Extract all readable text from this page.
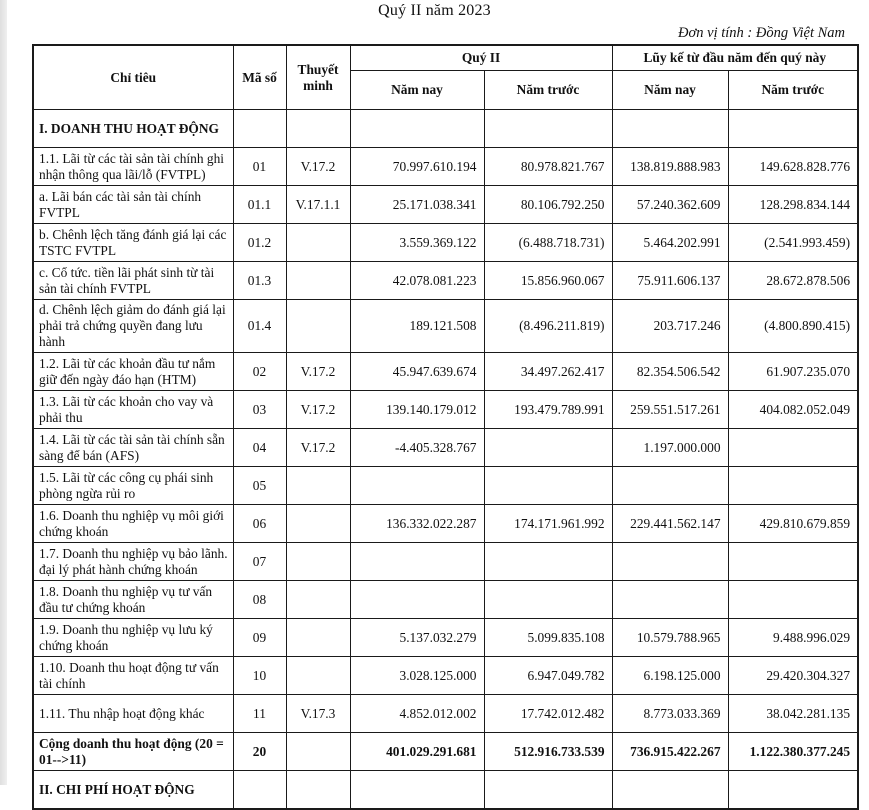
Quý II năm 2023
Đơn vị tính : Đồng Việt Nam
Chỉ tiêu	Mã số	Thuyết minh	Quý II		Lũy kế từ đầu năm đến quý này	
			Năm nay	Năm trước	Năm nay	Năm trước
I. DOANH THU HOẠT ĐỘNG						
1.1. Lãi từ các tài sản tài chính ghi nhận thông qua lãi/lỗ (FVTPL)	01	V.17.2	70.997.610.194	80.978.821.767	138.819.888.983	149.628.828.776
a. Lãi bán các tài sản tài chính FVTPL	01.1	V.17.1.1	25.171.038.341	80.106.792.250	57.240.362.609	128.298.834.144
b. Chênh lệch tăng đánh giá lại các TSTC FVTPL	01.2		3.559.369.122	(6.488.718.731)	5.464.202.991	(2.541.993.459)
c. Cổ tức. tiền lãi phát sinh từ tài sản tài chính FVTPL	01.3		42.078.081.223	15.856.960.067	75.911.606.137	28.672.878.506
d. Chênh lệch giảm do đánh giá lại phải trả chứng quyền đang lưu hành	01.4		189.121.508	(8.496.211.819)	203.717.246	(4.800.890.415)
1.2. Lãi từ các khoản đầu tư nắm giữ đến ngày đáo hạn (HTM)	02	V.17.2	45.947.639.674	34.497.262.417	82.354.506.542	61.907.235.070
1.3. Lãi từ các khoản cho vay và phải thu	03	V.17.2	139.140.179.012	193.479.789.991	259.551.517.261	404.082.052.049
1.4. Lãi từ các tài sản tài chính sẵn sàng để bán (AFS)	04	V.17.2	-4.405.328.767		1.197.000.000	
1.5. Lãi từ các công cụ phái sinh phòng ngừa rủi ro	05					
1.6. Doanh thu nghiệp vụ môi giới chứng khoán	06		136.332.022.287	174.171.961.992	229.441.562.147	429.810.679.859
1.7. Doanh thu nghiệp vụ bảo lãnh. đại lý phát hành chứng khoán	07					
1.8. Doanh thu nghiệp vụ tư vấn đầu tư chứng khoán	08					
1.9. Doanh thu nghiệp vụ lưu ký chứng khoán	09		5.137.032.279	5.099.835.108	10.579.788.965	9.488.996.029
1.10. Doanh thu hoạt động tư vấn tài chính	10		3.028.125.000	6.947.049.782	6.198.125.000	29.420.304.327
1.11. Thu nhập hoạt động khác	11	V.17.3	4.852.012.002	17.742.012.482	8.773.033.369	38.042.281.135
Cộng doanh thu hoạt động (20 = 01-->11)	20		401.029.291.681	512.916.733.539	736.915.422.267	1.122.380.377.245
II. CHI PHÍ HOẠT ĐỘNG						
